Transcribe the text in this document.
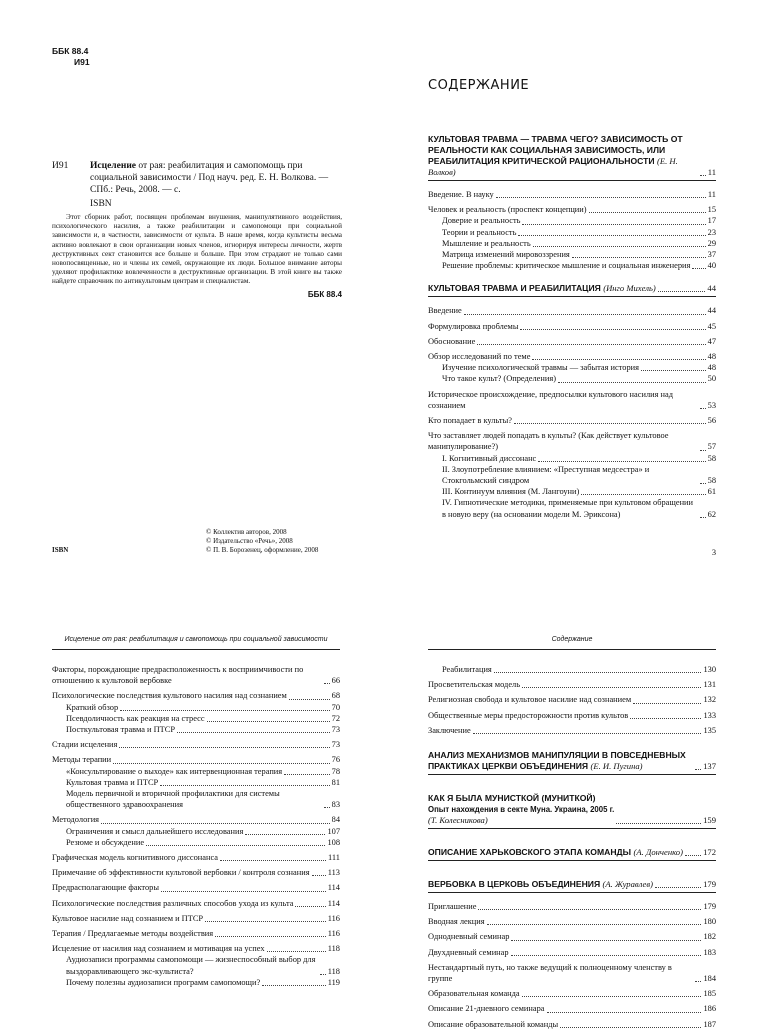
ББК 88.4
И91
И91	Исцеление от рая: реабилитация и самопомощь при социальной зависимости / Под науч. ред. Е. Н. Волкова. — СПб.: Речь, 2008. — с.
ISBN
Этот сборник работ, посвящен проблемам внушения, манипулятивного воздействия, психологического насилия, а также реабилитации и самопомощи при социальной зависимости и, в частности, зависимости от культа. В наше время, когда культисты весьма активно вовлекают в свои организации новых членов, игнорируя интересы личности, жертв деструктивных сект становится все больше и больше. При этом страдают не только сами новопосвященные, но и члены их семей, окружающие их люди. Большое внимание авторы уделяют профилактике вовлеченности в деструктивные организации. В этой книге вы также найдете справочник по антикультовым центрам и специалистам.
ББК 88.4
© Коллектив авторов, 2008
© Издательство «Речь», 2008
© П. В. Борозенец, оформление, 2008
ISBN
СОДЕРЖАНИЕ
КУЛЬТОВАЯ ТРАВМА — ТРАВМА ЧЕГО? ЗАВИСИМОСТЬ ОТ РЕАЛЬНОСТИ КАК СОЦИАЛЬНАЯ ЗАВИСИМОСТЬ, ИЛИ РЕАБИЛИТАЦИЯ КРИТИЧЕСКОЙ РАЦИОНАЛЬНОСТИ (Е. Н. Волков)	11
Введение. В науку	11
Человек и реальность (проспект концепции)	15
Доверие и реальность	17
Теории и реальность	23
Мышление и реальность	29
Матрица изменений мировоззрения	37
Решение проблемы: критическое мышление и социальная инженерия 40
КУЛЬТОВАЯ ТРАВМА И РЕАБИЛИТАЦИЯ (Инго Михель)	44
Введение	44
Формулировка проблемы	45
Обоснование	47
Обзор исследований по теме	48
Изучение психологической травмы — забытая история	48
Что такое культ? (Определения)	50
Историческое происхождение, предпосылки культового насилия над сознанием	53
Кто попадает в культы?	56
Что заставляет людей попадать в культы? (Как действует культовое манипулирование?)	57
I. Когнитивный диссонанс	58
II. Злоупотребление влиянием: «Преступная медсестра» и Стокгольмский синдром	58
III. Континуум влияния (М. Лангоуни)	61
IV. Гипнотические методики, применяемые при культовом обращении в новую веру (на основании модели М. Эриксона)	62
3
Исцеление от рая: реабилитация и самопомощь при социальной зависимости
Факторы, порождающие предрасположенность к восприимчивости по отношению к культовой вербовке	66
Психологические последствия культового насилия над сознанием	68
Краткий обзор	70
Псевдоличность как реакция на стресс	72
Посткультовая травма и ПТСР	73
Стадии исцеления	73
Методы терапии	76
«Консультирование о выходе» как интервенционная терапия	78
Культовая травма и ПТСР	81
Модель первичной и вторичной профилактики для системы общественного здравоохранения	83
Методология	84
Ограничения и смысл дальнейшего исследования	107
Резюме и обсуждение	108
Графическая модель когнитивного диссонанса	111
Примечание об эффективности культовой вербовки / контроля сознания 113
Предрасполагающие факторы	114
Психологические последствия различных способов ухода из культа	114
Культовое насилие над сознанием и ПТСР	116
Терапия / Предлагаемые методы воздействия	116
Исцеление от насилия над сознанием и мотивация на успех	118
Аудиозаписи программы самопомощи — жизнеспособный выбор для выздоравливающего экс-культиста?	118
Почему полезны аудиозаписи программ самопомощи?	119
Содержание
Реабилитация	130
Просветительская модель	131
Религиозная свобода и культовое насилие над сознанием	132
Общественные меры предосторожности против культов	133
Заключение	135
АНАЛИЗ МЕХАНИЗМОВ МАНИПУЛЯЦИИ В ПОВСЕДНЕВНЫХ ПРАКТИКАХ ЦЕРКВИ ОБЪЕДИНЕНИЯ (Е. И. Пугина)	137
КАК Я БЫЛА МУНИСТКОЙ (МУНИТКОЙ)
Опыт нахождения в секте Муна. Украина, 2005 г.
(Т. Колесникова)	159
ОПИСАНИЕ ХАРЬКОВСКОГО ЭТАПА КОМАНДЫ (А. Донченко) 172
ВЕРБОВКА В ЦЕРКОВЬ ОБЪЕДИНЕНИЯ (А. Журавлев)	179
Приглашение	179
Вводная лекция	180
Однодневный семинар	182
Двухдневный семинар	183
Нестандартный путь, но также ведущий к полноценному членству в группе	184
Образовательная команда	185
Описание 21-дневного семинара	186
Описание образовательной команды	187
